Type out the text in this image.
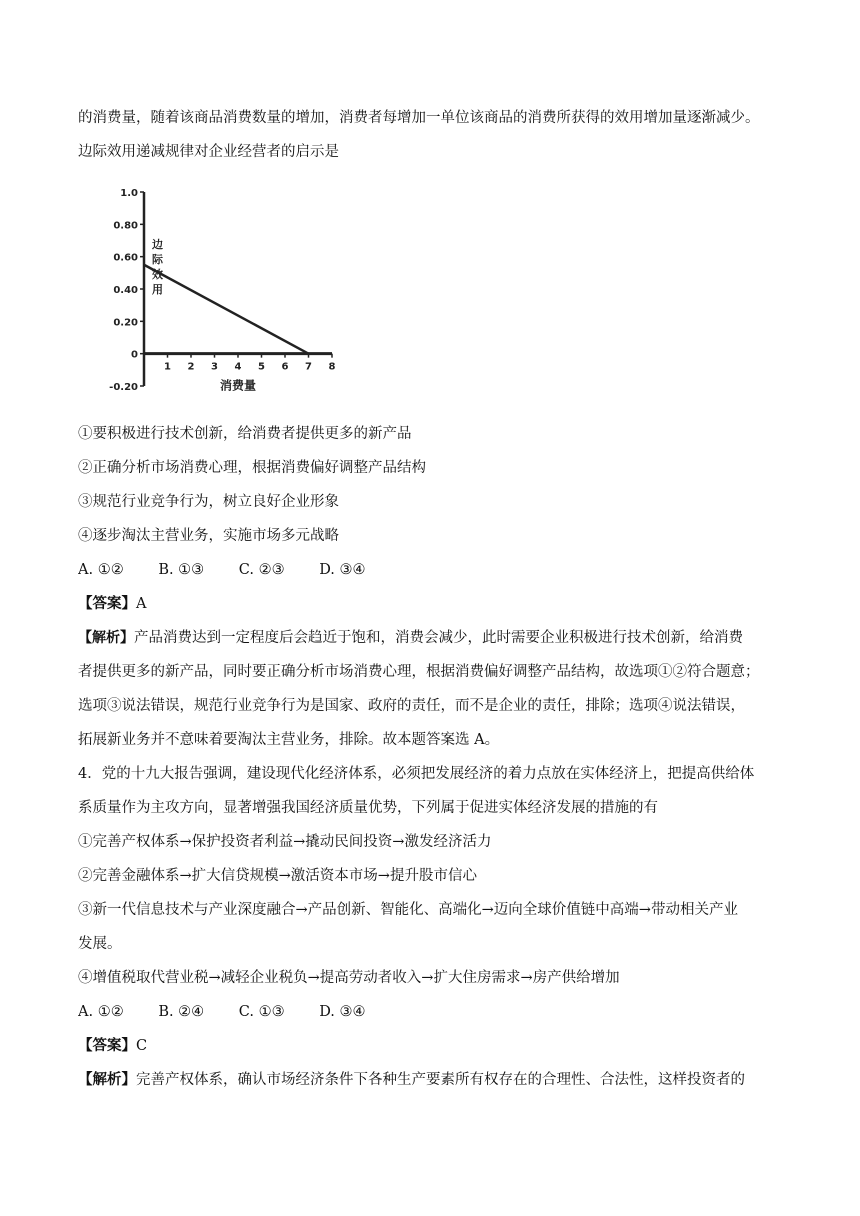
的消费量，随着该商品消费数量的增加，消费者每增加一单位该商品的消费所获得的效用增加量逐渐减少。
边际效用递减规律对企业经营者的启示是
1.0
0.80
0.60
0.40
0.20
0
-0.20
1 2 3 4 5 6 7 8
边
际
效
用
消费量
①要积极进行技术创新，给消费者提供更多的新产品
②正确分析市场消费心理，根据消费偏好调整产品结构
③规范行业竞争行为，树立良好企业形象
④逐步淘汰主营业务，实施市场多元战略
A. ①② B. ①③ C. ②③ D. ③④
【答案】A
【解析】产品消费达到一定程度后会趋近于饱和，消费会减少，此时需要企业积极进行技术创新，给消费
者提供更多的新产品，同时要正确分析市场消费心理，根据消费偏好调整产品结构，故选项①②符合题意；
选项③说法错误，规范行业竞争行为是国家、政府的责任，而不是企业的责任，排除；选项④说法错误，
拓展新业务并不意味着要淘汰主营业务，排除。故本题答案选 A。
4．党的十九大报告强调，建设现代化经济体系，必须把发展经济的着力点放在实体经济上，把提高供给体
系质量作为主攻方向，显著增强我国经济质量优势，下列属于促进实体经济发展的措施的有
①完善产权体系→保护投资者利益→撬动民间投资→激发经济活力
②完善金融体系→扩大信贷规模→激活资本市场→提升股市信心
③新一代信息技术与产业深度融合→产品创新、智能化、高端化→迈向全球价值链中高端→带动相关产业
发展。
④增值税取代营业税→减轻企业税负→提高劳动者收入→扩大住房需求→房产供给增加
A. ①② B. ②④ C. ①③ D. ③④
【答案】C
【解析】完善产权体系，确认市场经济条件下各种生产要素所有权存在的合理性、合法性，这样投资者的
